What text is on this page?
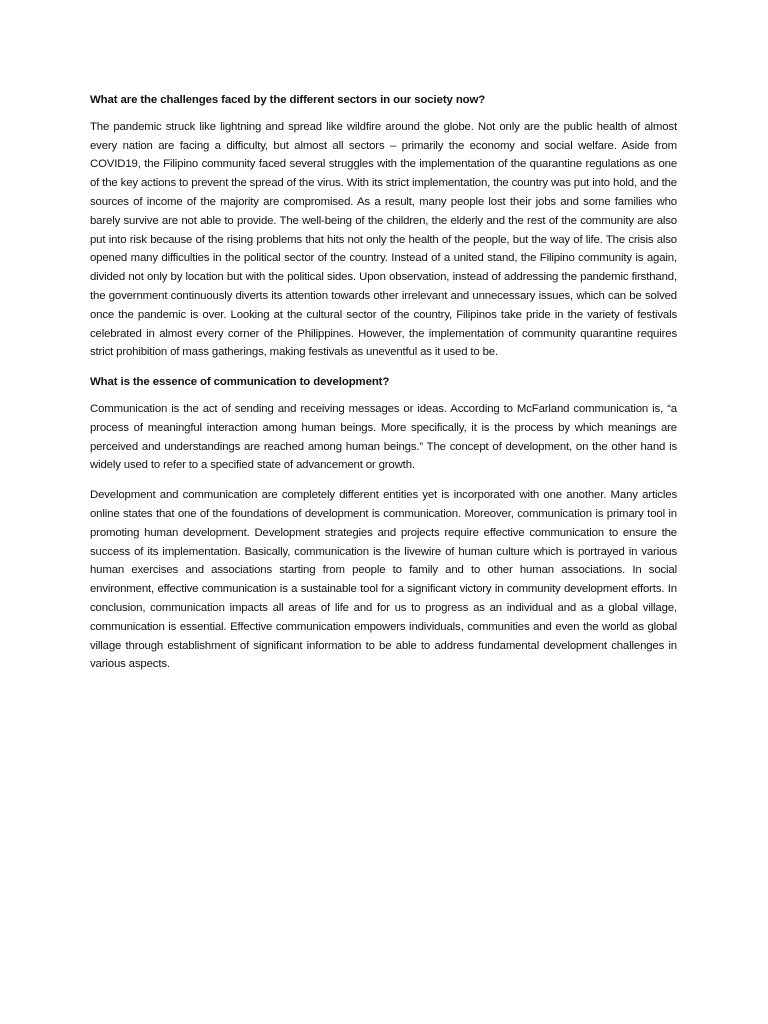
What are the challenges faced by the different sectors in our society now?

The pandemic struck like lightning and spread like wildfire around the globe. Not only are the public health of almost every nation are facing a difficulty, but almost all sectors – primarily the economy and social welfare. Aside from COVID19, the Filipino community faced several struggles with the implementation of the quarantine regulations as one of the key actions to prevent the spread of the virus. With its strict implementation, the country was put into hold, and the sources of income of the majority are compromised. As a result, many people lost their jobs and some families who barely survive are not able to provide. The well-being of the children, the elderly and the rest of the community are also put into risk because of the rising problems that hits not only the health of the people, but the way of life. The crisis also opened many difficulties in the political sector of the country. Instead of a united stand, the Filipino community is again, divided not only by location but with the political sides. Upon observation, instead of addressing the pandemic firsthand, the government continuously diverts its attention towards other irrelevant and unnecessary issues, which can be solved once the pandemic is over. Looking at the cultural sector of the country, Filipinos take pride in the variety of festivals celebrated in almost every corner of the Philippines. However, the implementation of community quarantine requires strict prohibition of mass gatherings, making festivals as uneventful as it used to be.

What is the essence of communication to development?

Communication is the act of sending and receiving messages or ideas. According to McFarland communication is, “a process of meaningful interaction among human beings. More specifically, it is the process by which meanings are perceived and understandings are reached among human beings.” The concept of development, on the other hand is widely used to refer to a specified state of advancement or growth.

Development and communication are completely different entities yet is incorporated with one another. Many articles online states that one of the foundations of development is communication. Moreover, communication is primary tool in promoting human development. Development strategies and projects require effective communication to ensure the success of its implementation. Basically, communication is the livewire of human culture which is portrayed in various human exercises and associations starting from people to family and to other human associations. In social environment, effective communication is a sustainable tool for a significant victory in community development efforts. In conclusion, communication impacts all areas of life and for us to progress as an individual and as a global village, communication is essential. Effective communication empowers individuals, communities and even the world as global village through establishment of significant information to be able to address fundamental development challenges in various aspects.
